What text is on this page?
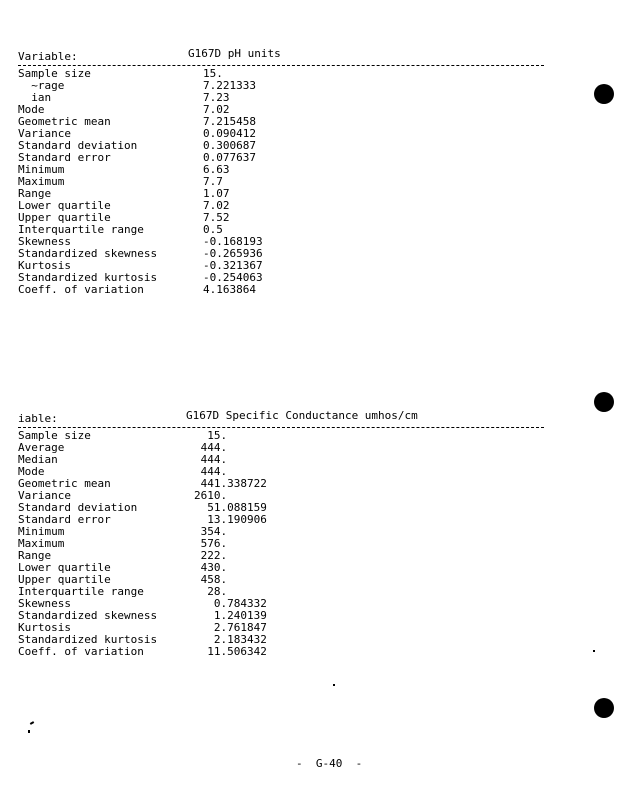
Variable:	G167D pH units
Sample size	15.
~rage	7.221333
ian	7.23
Mode	7.02
Geometric mean	7.215458
Variance	0.090412
Standard deviation	0.300687
Standard error	0.077637
Minimum	6.63
Maximum	7.7
Range	1.07
Lower quartile	7.02
Upper quartile	7.52
Interquartile range	0.5
Skewness	-0.168193
Standardized skewness	-0.265936
Kurtosis	-0.321367
Standardized kurtosis	-0.254063
Coeff. of variation	4.163864
iable:	G167D Specific Conductance umhos/cm
Sample size	15.
Average	444.
Median	444.
Mode	444.
Geometric mean	441.338722
Variance	2610.
Standard deviation	51.088159
Standard error	13.190906
Minimum	354.
Maximum	576.
Range	222.
Lower quartile	430.
Upper quartile	458.
Interquartile range	28.
Skewness	0.784332
Standardized skewness	1.240139
Kurtosis	2.761847
Standardized kurtosis	2.183432
Coeff. of variation	11.506342
-  G-40  -
